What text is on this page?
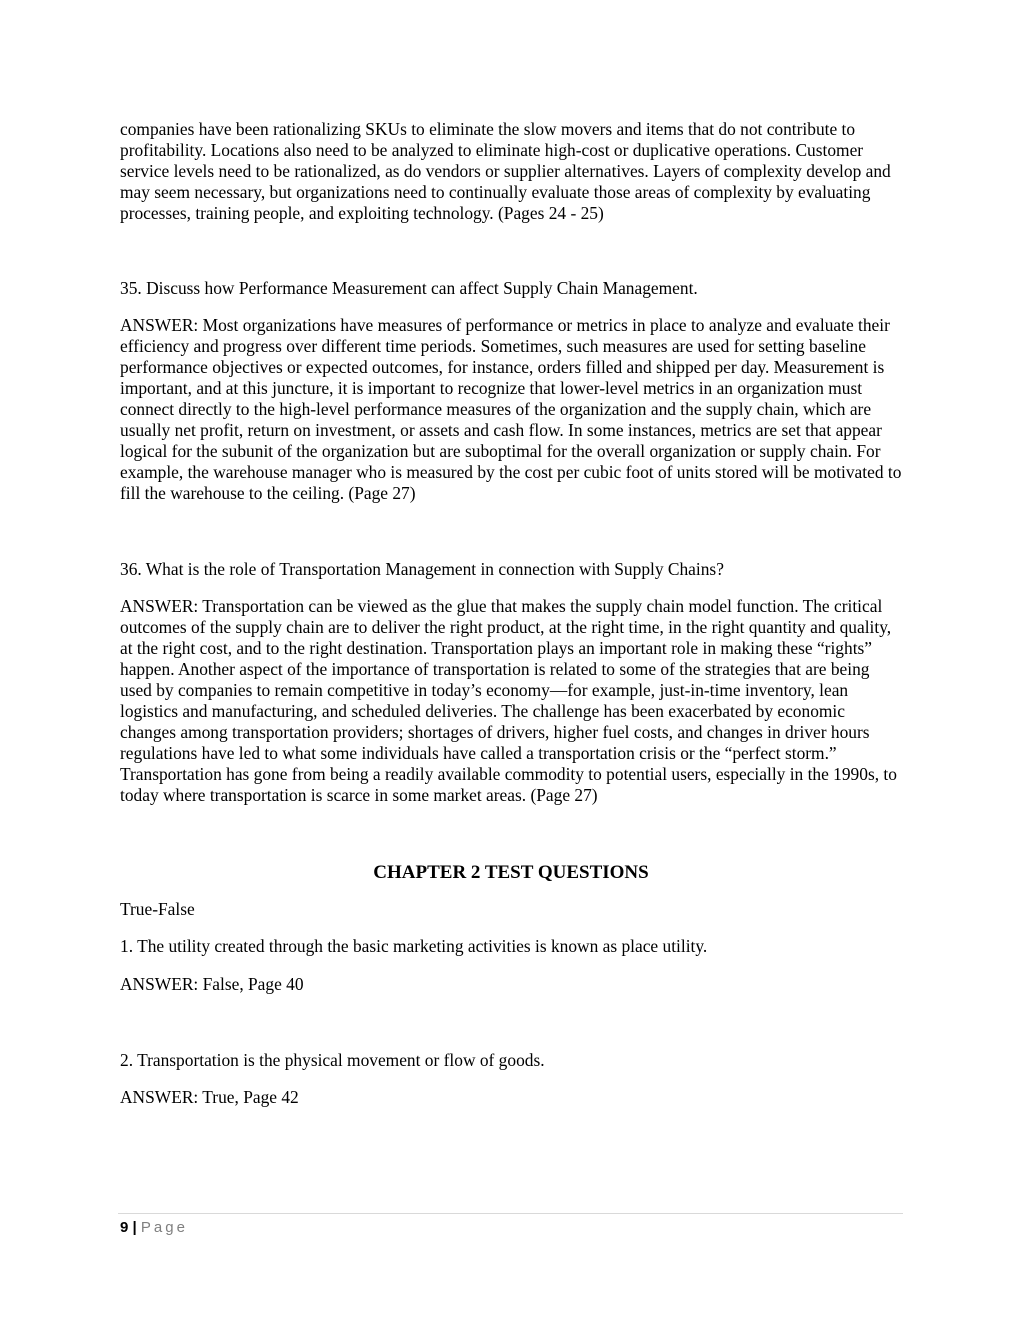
companies have been rationalizing SKUs to eliminate the slow movers and items that do not contribute to profitability. Locations also need to be analyzed to eliminate high-cost or duplicative operations. Customer service levels need to be rationalized, as do vendors or supplier alternatives. Layers of complexity develop and may seem necessary, but organizations need to continually evaluate those areas of complexity by evaluating processes, training people, and exploiting technology. (Pages 24 - 25)

35. Discuss how Performance Measurement can affect Supply Chain Management.

ANSWER: Most organizations have measures of performance or metrics in place to analyze and evaluate their efficiency and progress over different time periods. Sometimes, such measures are used for setting baseline performance objectives or expected outcomes, for instance, orders filled and shipped per day. Measurement is important, and at this juncture, it is important to recognize that lower-level metrics in an organization must connect directly to the high-level performance measures of the organization and the supply chain, which are usually net profit, return on investment, or assets and cash flow. In some instances, metrics are set that appear logical for the subunit of the organization but are suboptimal for the overall organization or supply chain. For example, the warehouse manager who is measured by the cost per cubic foot of units stored will be motivated to fill the warehouse to the ceiling. (Page 27)

36. What is the role of Transportation Management in connection with Supply Chains?

ANSWER: Transportation can be viewed as the glue that makes the supply chain model function. The critical outcomes of the supply chain are to deliver the right product, at the right time, in the right quantity and quality, at the right cost, and to the right destination. Transportation plays an important role in making these “rights” happen. Another aspect of the importance of transportation is related to some of the strategies that are being used by companies to remain competitive in today’s economy—for example, just-in-time inventory, lean logistics and manufacturing, and scheduled deliveries. The challenge has been exacerbated by economic changes among transportation providers; shortages of drivers, higher fuel costs, and changes in driver hours regulations have led to what some individuals have called a transportation crisis or the “perfect storm.” Transportation has gone from being a readily available commodity to potential users, especially in the 1990s, to today where transportation is scarce in some market areas. (Page 27)

CHAPTER 2 TEST QUESTIONS

True-False

1. The utility created through the basic marketing activities is known as place utility.

ANSWER: False, Page 40

2. Transportation is the physical movement or flow of goods.

ANSWER: True, Page 42

9 | Page
